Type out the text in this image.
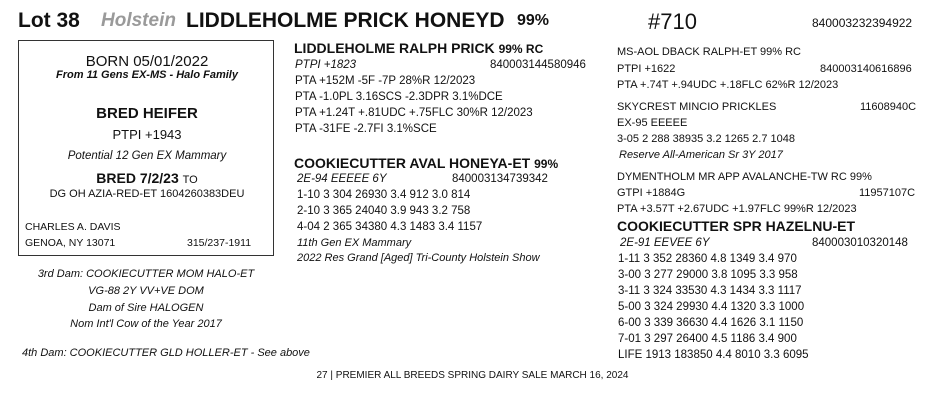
Lot 38 Holstein LIDDLEHOLME PRICK HONEYD 99%	#710	840003232394922
BORN 05/01/2022
From 11 Gens EX-MS - Halo Family
BRED HEIFER
PTPI +1943
Potential 12 Gen EX Mammary
BRED 7/2/23 TO
DG OH AZIA-RED-ET 1604260383DEU
CHARLES A. DAVIS
GENOA, NY 13071	315/237-1911
3rd Dam: COOKIECUTTER MOM HALO-ET
VG-88 2Y VV+VE DOM
Dam of Sire HALOGEN
Nom Int'l Cow of the Year 2017
4th Dam: COOKIECUTTER GLD HOLLER-ET - See above
LIDDLEHOLME RALPH PRICK 99% RC
PTPI +1823	840003144580946
PTA +152M -5F -7P 28%R 12/2023
PTA -1.0PL 3.16SCS -2.3DPR 3.1%DCE
PTA +1.24T +.81UDC +.75FLC 30%R 12/2023
PTA -31FE -2.7FI 3.1%SCE
COOKIECUTTER AVAL HONEYA-ET 99%
2E-94 EEEEE 6Y	840003134739342
1-10 3 304 26930 3.4 912 3.0 814
2-10 3 365 24040 3.9 943 3.2 758
4-04 2 365 34380 4.3 1483 3.4 1157
11th Gen EX Mammary
2022 Res Grand [Aged] Tri-County Holstein Show
MS-AOL DBACK RALPH-ET 99% RC
PTPI +1622	840003140616896
PTA +.74T +.94UDC +.18FLC 62%R 12/2023
SKYCREST MINCIO PRICKLES	11608940C
EX-95 EEEEE
3-05 2 288 38935 3.2 1265 2.7 1048
Reserve All-American Sr 3Y 2017
DYMENTHOLM MR APP AVALANCHE-TW RC 99%
GTPI +1884G	11957107C
PTA +3.57T +2.67UDC +1.97FLC 99%R 12/2023
COOKIECUTTER SPR HAZELNU-ET
2E-91 EEVEE 6Y	840003010320148
1-11 3 352 28360 4.8 1349 3.4 970
3-00 3 277 29000 3.8 1095 3.3 958
3-11 3 324 33530 4.3 1434 3.3 1117
5-00 3 324 29930 4.4 1320 3.3 1000
6-00 3 339 36630 4.4 1626 3.1 1150
7-01 3 297 26400 4.5 1186 3.4 900
LIFE 1913 183850 4.4 8010 3.3 6095
27 | PREMIER ALL BREEDS SPRING DAIRY SALE MARCH 16, 2024
